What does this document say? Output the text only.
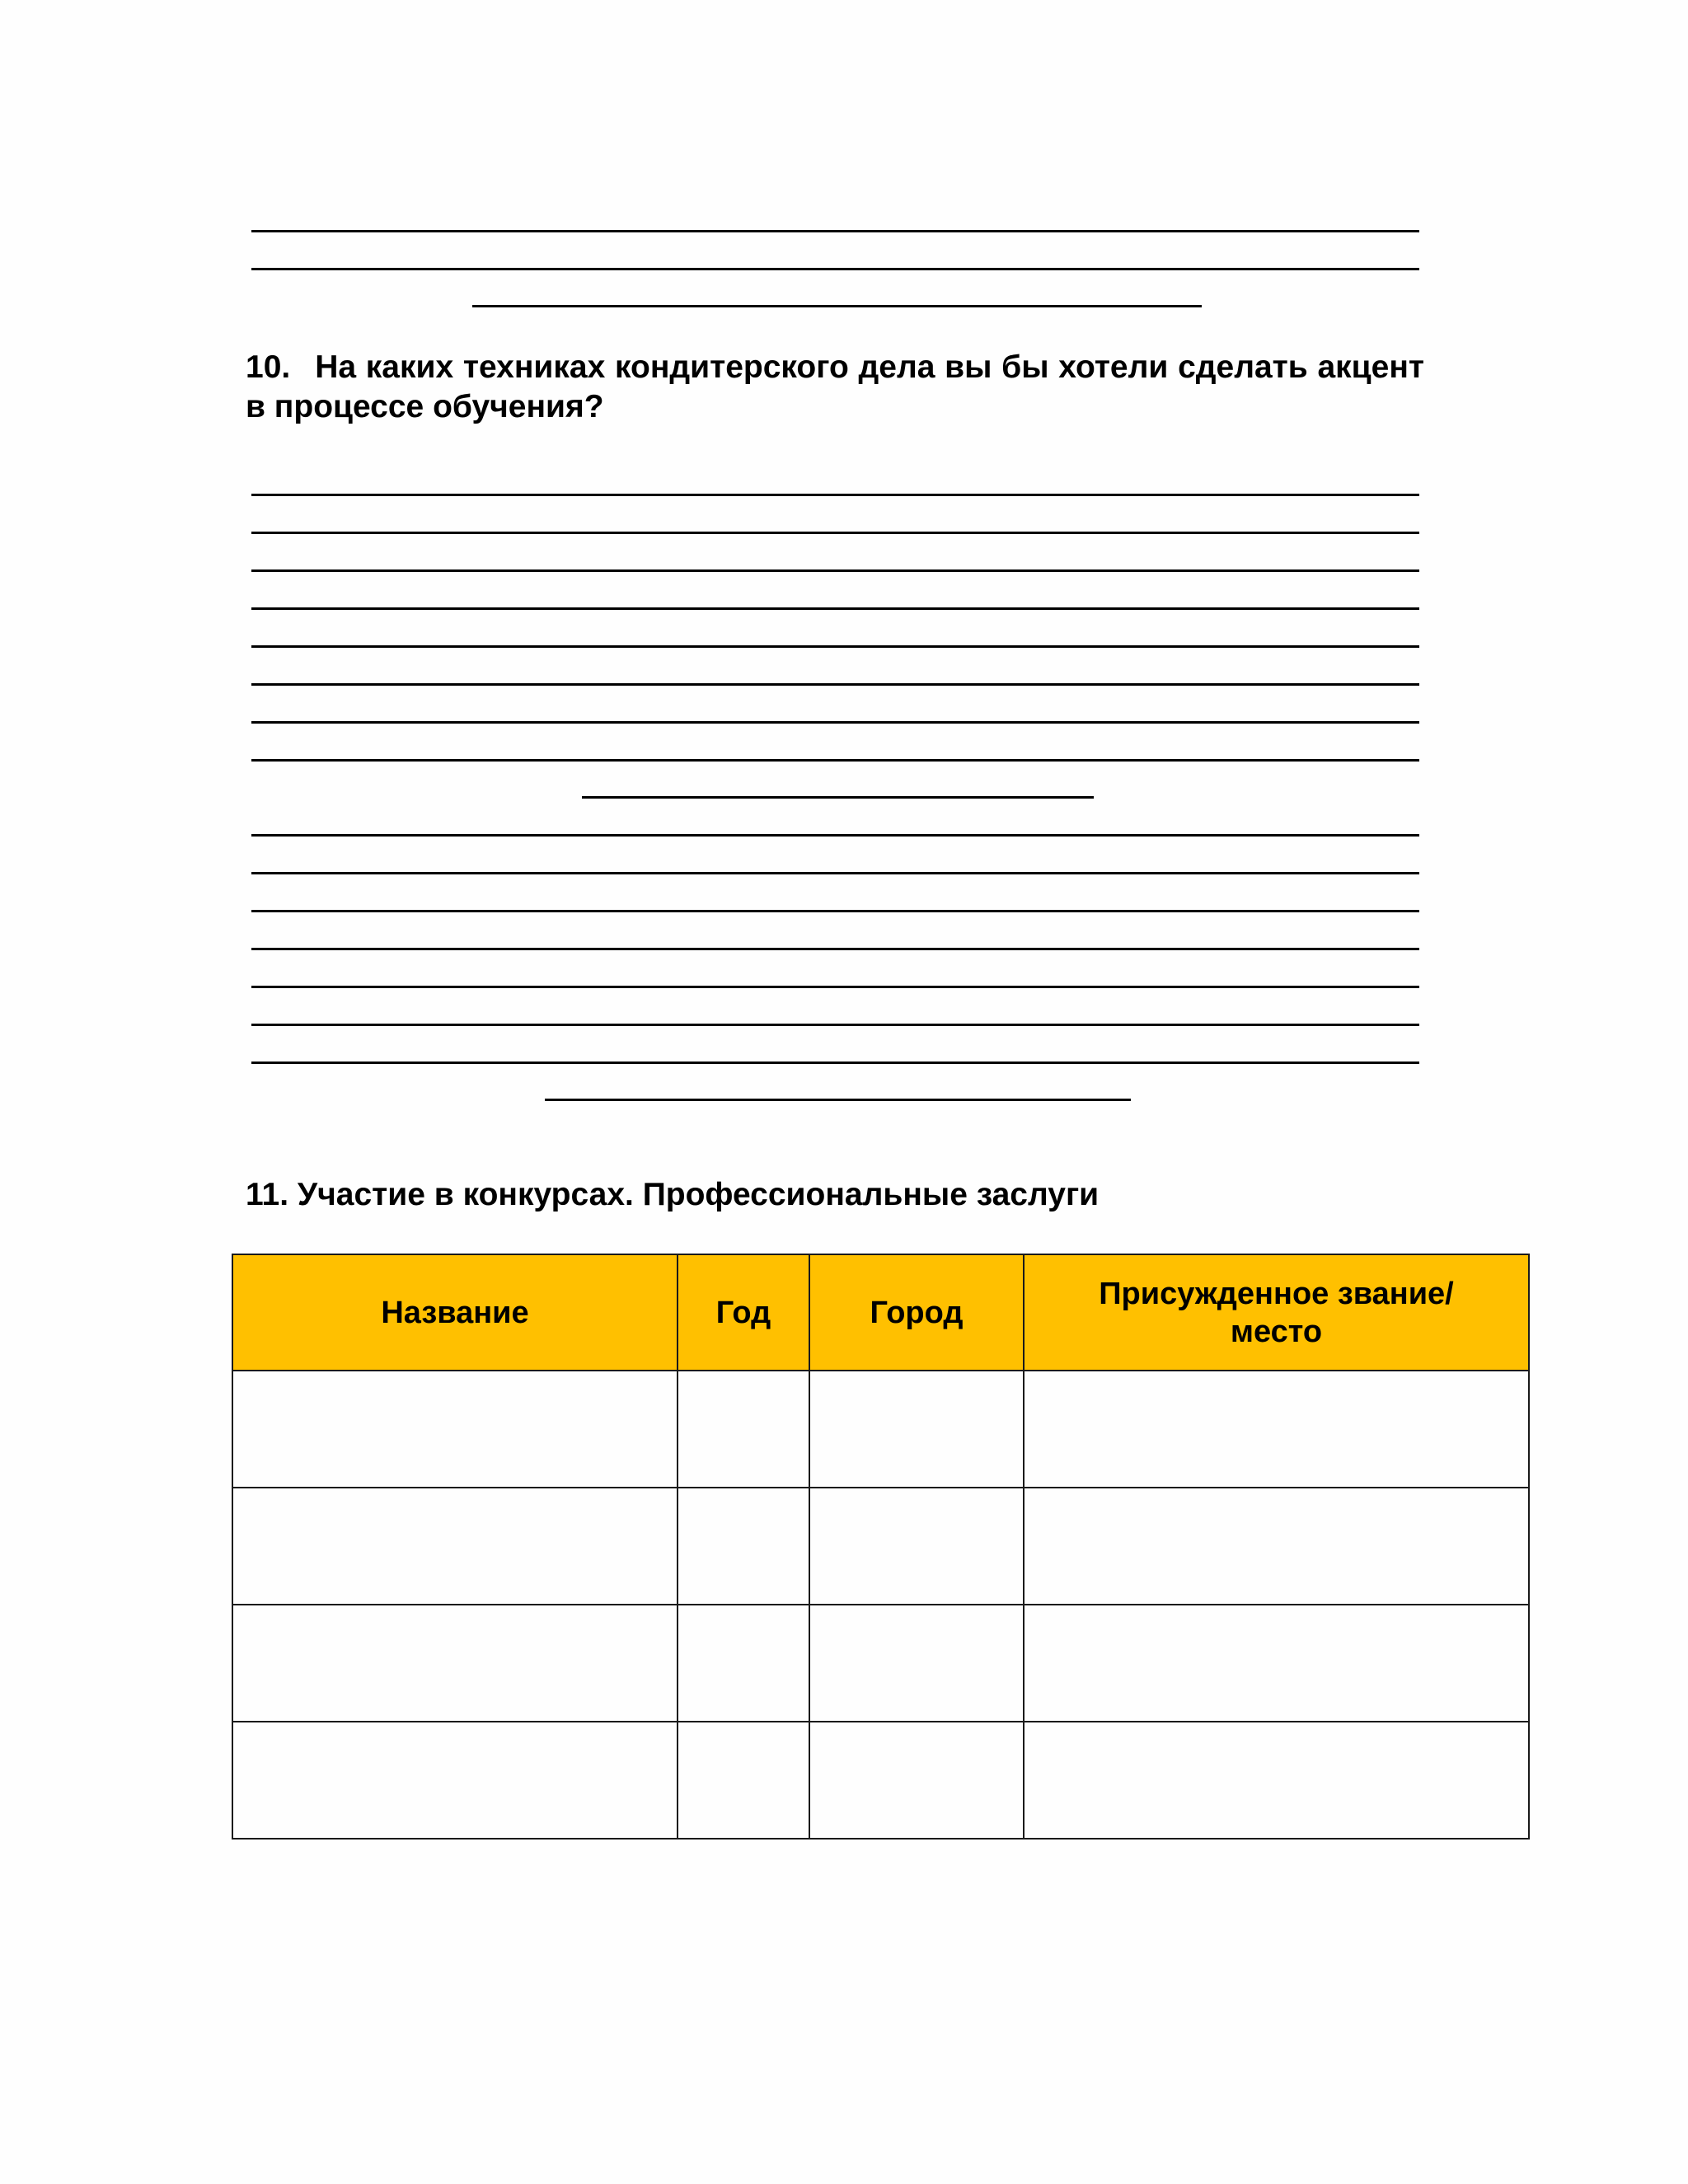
10. На каких техниках кондитерского дела вы бы хотели сделать акцент в процессе обучения?
11. Участие в конкурсах. Профессиональные заслуги
Название	Год	Город	Присужденное звание/ место
